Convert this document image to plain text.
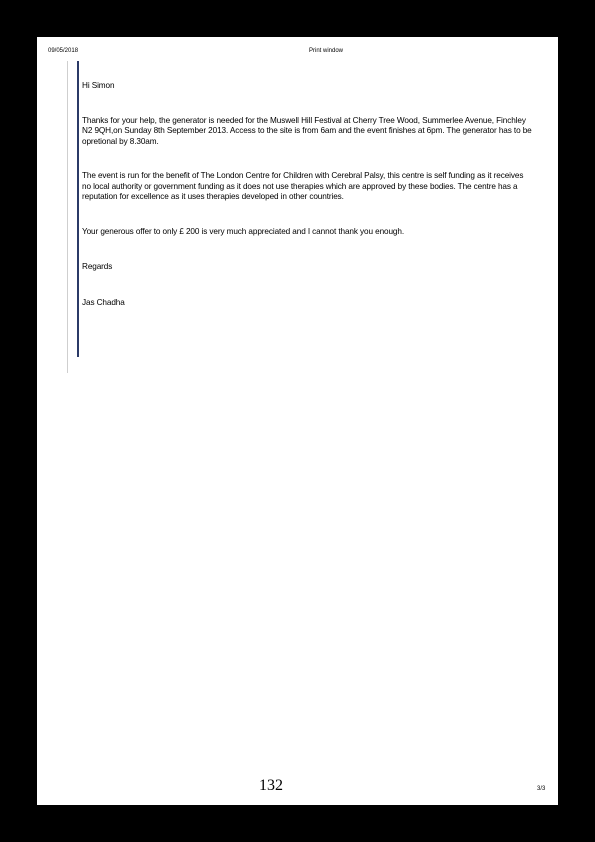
09/05/2018	Print window

Hi Simon

Thanks for your help, the generator is needed for the Muswell Hill Festival at Cherry Tree Wood, Summerlee Avenue, Finchley N2 9QH,on Sunday 8th September 2013. Access to the site is from 6am and the event finishes at 6pm. The generator has to be opretional by 8.30am.

The event is run for the benefit of The London Centre for Children with Cerebral Palsy, this centre is self funding as it receives no local authority or government funding as it does not use therapies which are approved by these bodies. The centre has a reputation for excellence as it uses therapies developed in other countries.

Your generous offer to only £ 200 is very much appreciated and I cannot thank you enough.

Regards

Jas Chadha

132	3/3
